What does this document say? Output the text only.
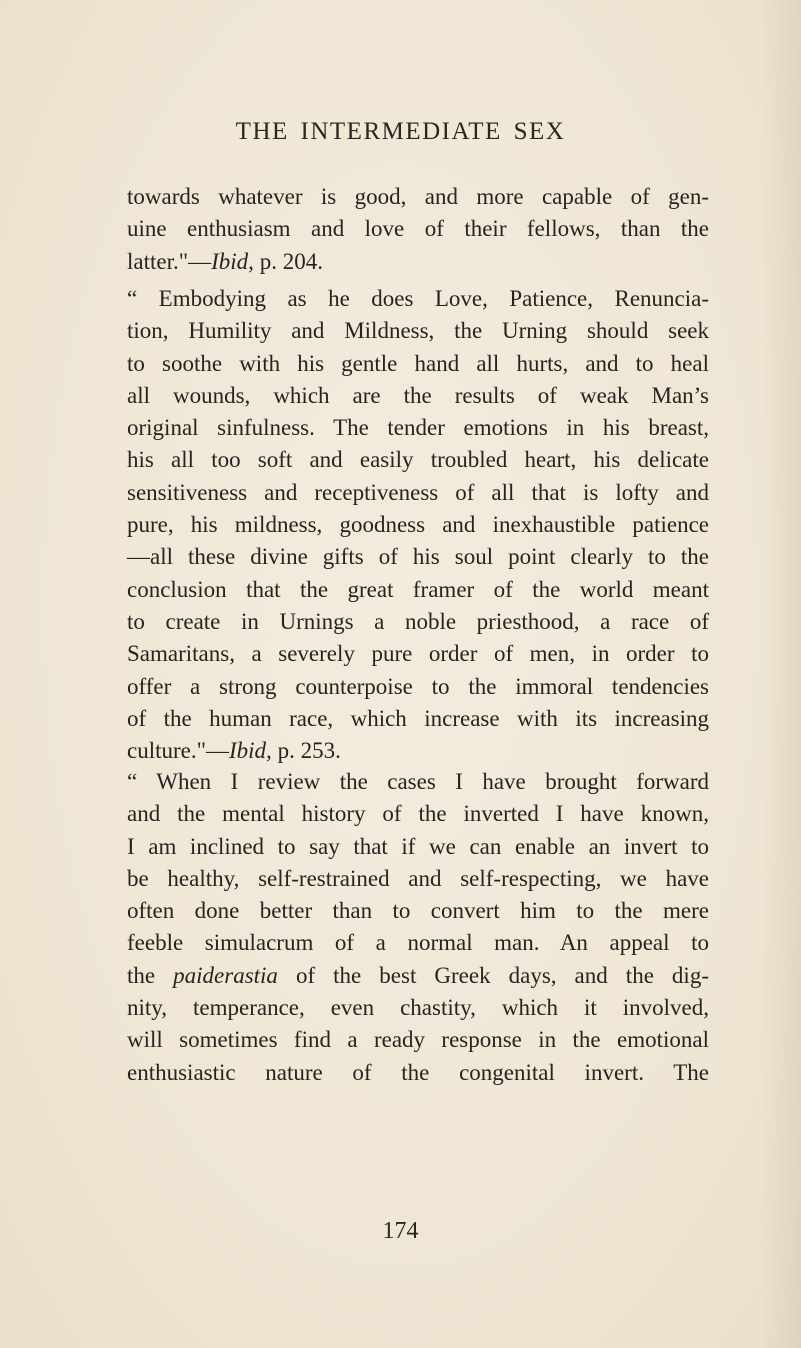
THE INTERMEDIATE SEX
towards whatever is good, and more capable of gen-
uine enthusiasm and love of their fellows, than the
latter."—Ibid, p. 204.
“ Embodying as he does Love, Patience, Renuncia-
tion, Humility and Mildness, the Urning should seek
to soothe with his gentle hand all hurts, and to heal
all wounds, which are the results of weak Man’s
original sinfulness. The tender emotions in his breast,
his all too soft and easily troubled heart, his delicate
sensitiveness and receptiveness of all that is lofty and
pure, his mildness, goodness and inexhaustible patience
—all these divine gifts of his soul point clearly to the
conclusion that the great framer of the world meant
to create in Urnings a noble priesthood, a race of
Samaritans, a severely pure order of men, in order to
offer a strong counterpoise to the immoral tendencies
of the human race, which increase with its increasing
culture."—Ibid, p. 253.
“ When I review the cases I have brought forward
and the mental history of the inverted I have known,
I am inclined to say that if we can enable an invert to
be healthy, self-restrained and self-respecting, we have
often done better than to convert him to the mere
feeble simulacrum of a normal man. An appeal to
the paiderastia of the best Greek days, and the dig-
nity, temperance, even chastity, which it involved,
will sometimes find a ready response in the emotional
enthusiastic nature of the congenital invert. The
174
